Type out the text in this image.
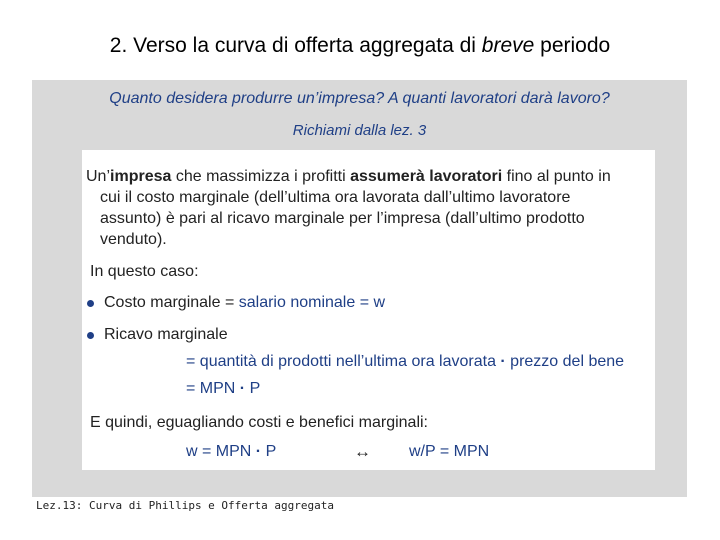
2. Verso la curva di offerta aggregata di breve periodo
Quanto desidera produrre un’impresa? A quanti lavoratori darà lavoro?
Richiami dalla lez. 3
Un’impresa che massimizza i profitti assumerà lavoratori fino al punto in
cui il costo marginale (dell’ultima ora lavorata dall’ultimo lavoratore
assunto) è pari al ricavo marginale per l’impresa (dall’ultimo prodotto
venduto).
In questo caso:
Costo marginale = salario nominale = w
Ricavo marginale
= quantità di prodotti nell’ultima ora lavorata · prezzo del bene
= MPN · P
E quindi, eguagliando costi e benefici marginali:
w = MPN · P	↔ w/P = MPN
Lez.13: Curva di Phillips e Offerta aggregata
